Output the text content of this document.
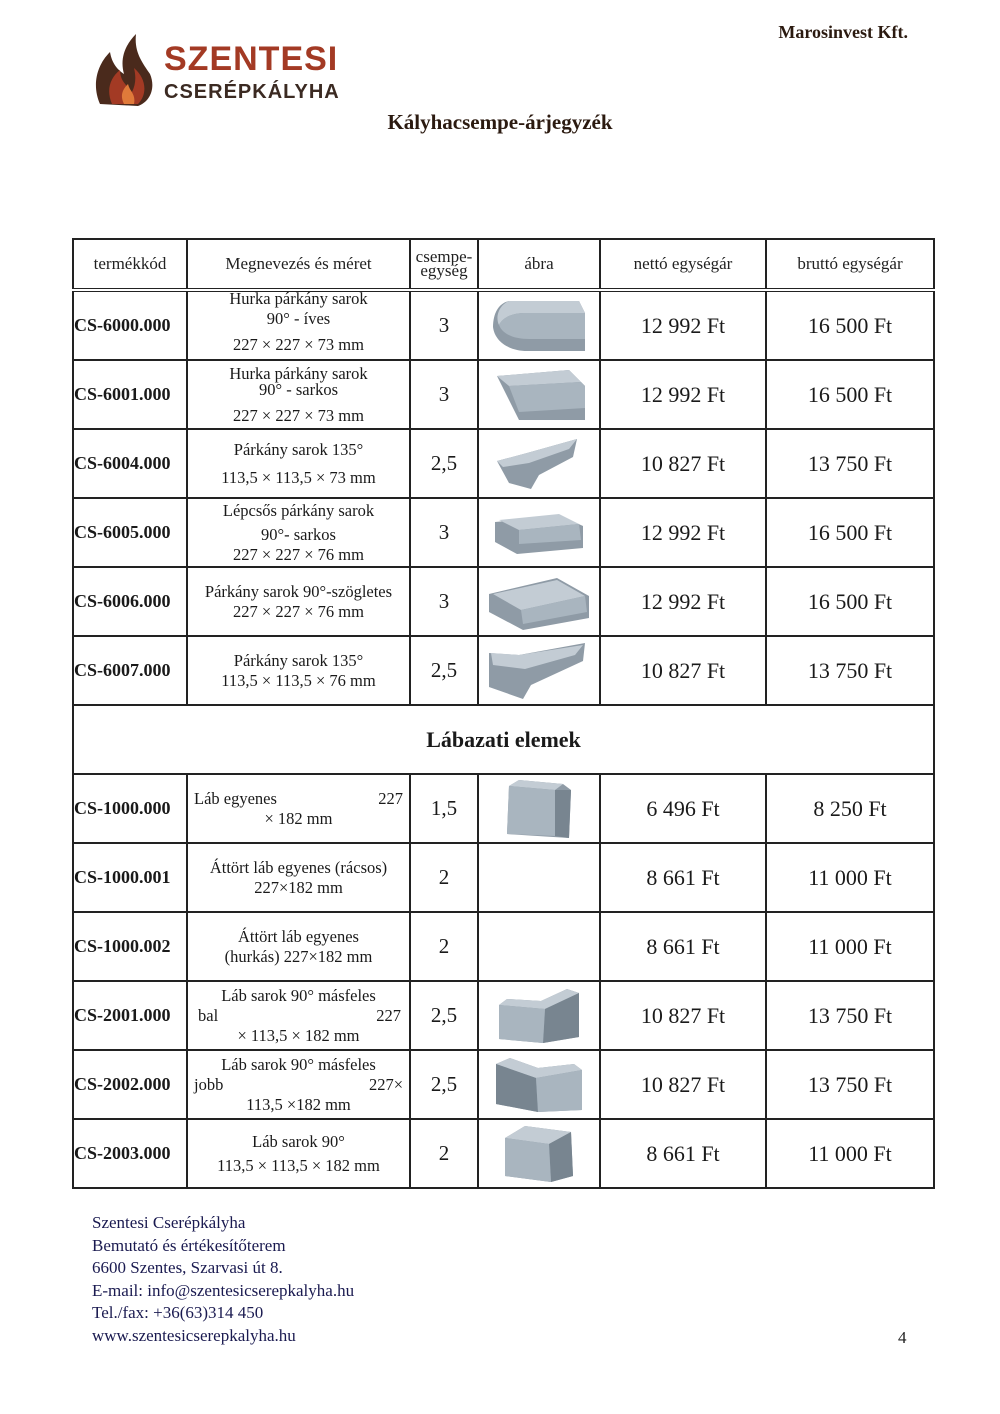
Marosinvest Kft.
SZENTESI
CSERÉPKÁLYHA
Kályhacsempe-árjegyzék
termékkód	Megnevezés és méret	csempe-egység	ábra	nettó egységár	bruttó egységár
CS-6000.000	Hurka párkány sarok
90° - íves
227 × 227 × 73 mm	3		12 992 Ft	16 500 Ft
CS-6001.000	Hurka párkány sarok
90° - sarkos
227 × 227 × 73 mm	3		12 992 Ft	16 500 Ft
CS-6004.000	Párkány sarok 135°
113,5 × 113,5 × 73 mm	2,5		10 827 Ft	13 750 Ft
CS-6005.000	Lépcsős párkány sarok
90°- sarkos
227 × 227 × 76 mm	3		12 992 Ft	16 500 Ft
CS-6006.000	Párkány sarok 90°-szögletes
227 × 227 × 76 mm	3		12 992 Ft	16 500 Ft
CS-6007.000	Párkány sarok 135°
113,5 × 113,5 × 76 mm	2,5		10 827 Ft	13 750 Ft
Lábazati elemek					
CS-1000.000	Láb egyenes 227
× 182 mm	1,5		6 496 Ft	8 250 Ft
CS-1000.001	Áttört láb egyenes (rácsos)
227×182 mm	2		8 661 Ft	11 000 Ft
CS-1000.002	Áttört láb egyenes
(hurkás) 227×182 mm	2		8 661 Ft	11 000 Ft
CS-2001.000	Láb sarok 90° másfeles
bal 227
× 113,5 × 182 mm	2,5		10 827 Ft	13 750 Ft
CS-2002.000	Láb sarok 90° másfeles
jobb 227×
113,5 ×182 mm	2,5		10 827 Ft	13 750 Ft
CS-2003.000	Láb sarok 90°
113,5 × 113,5 × 182 mm	2		8 661 Ft	11 000 Ft
Szentesi Cserépkályha
Bemutató és értékesítőterem
6600 Szentes, Szarvasi út 8.
E-mail: info@szentesicserepkalyha.hu
Tel./fax: +36(63)314 450
www.szentesicserepkalyha.hu	4
